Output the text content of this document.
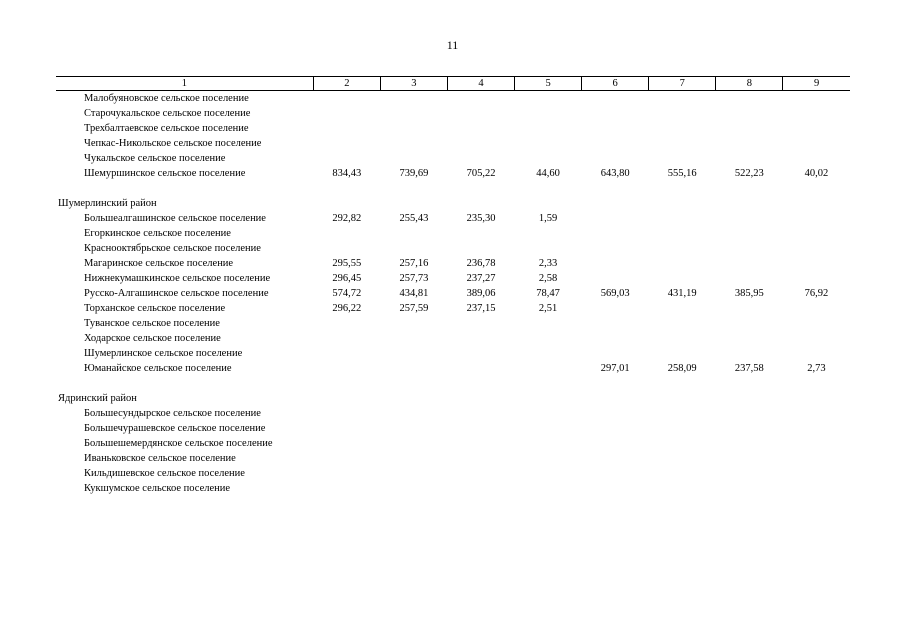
11
1	2	3	4	5	6	7	8	9
Малобуяновское сельское поселение								
Старочукальское сельское поселение								
Трехбалтаевское сельское поселение								
Чепкас-Никольское сельское поселение								
Чукальское сельское поселение								
Шемуршинское сельское поселение	834,43	739,69	705,22	44,60	643,80	555,16	522,23	40,02

Шумерлинский район								
Большеалгашинское сельское поселение	292,82	255,43	235,30	1,59				
Егоркинское сельское поселение								
Краснооктябрьское сельское поселение								
Магаринское сельское поселение	295,55	257,16	236,78	2,33				
Нижнекумашкинское сельское поселение	296,45	257,73	237,27	2,58				
Русско-Алгашинское сельское поселение	574,72	434,81	389,06	78,47	569,03	431,19	385,95	76,92
Торханское сельское поселение	296,22	257,59	237,15	2,51				
Туванское сельское поселение								
Ходарское сельское поселение								
Шумерлинское сельское поселение								
Юманайское сельское поселение					297,01	258,09	237,58	2,73

Ядринский район								
Большесундырское сельское поселение								
Большечурашевское сельское поселение								
Большешемердянское сельское поселение								
Иваньковское сельское поселение								
Кильдишевское сельское поселение								
Кукшумское сельское поселение								
